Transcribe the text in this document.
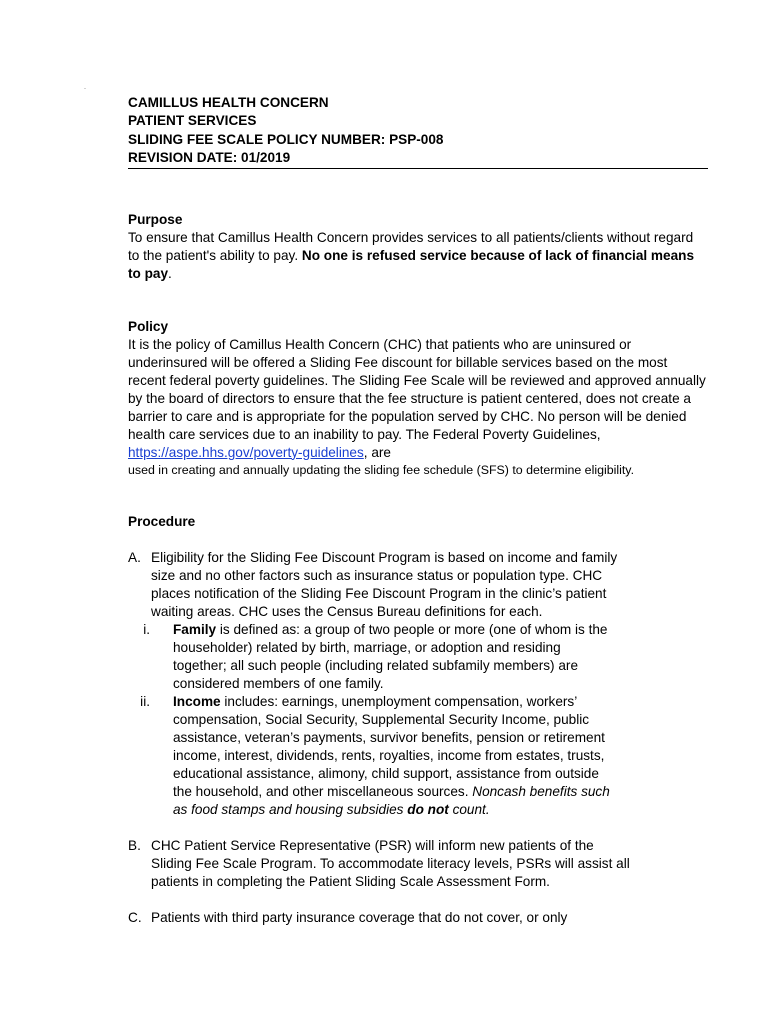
·
CAMILLUS HEALTH CONCERN
PATIENT SERVICES
SLIDING FEE SCALE POLICY NUMBER: PSP-008
REVISION DATE: 01/2019
Purpose

To ensure that Camillus Health Concern provides services to all patients/clients without regard to the patient's ability to pay. No one is refused service because of lack of financial means to pay.

Policy

It is the policy of Camillus Health Concern (CHC) that patients who are uninsured or underinsured will be offered a Sliding Fee discount for billable services based on the most recent federal poverty guidelines. The Sliding Fee Scale will be reviewed and approved annually by the board of directors to ensure that the fee structure is patient centered, does not create a barrier to care and is appropriate for the population served by CHC. No person will be denied health care services due to an inability to pay. The Federal Poverty Guidelines, https://aspe.hhs.gov/poverty-guidelines, are

used in creating and annually updating the sliding fee schedule (SFS) to determine eligibility.

Procedure
A. Eligibility for the Sliding Fee Discount Program is based on income and family size and no other factors such as insurance status or population type. CHC places notification of the Sliding Fee Discount Program in the clinic’s patient waiting areas. CHC uses the Census Bureau definitions for each.
i.	Family is defined as: a group of two people or more (one of whom is the householder) related by birth, marriage, or adoption and residing together; all such people (including related subfamily members) are considered members of one family.
ii.	Income includes: earnings, unemployment compensation, workers’ compensation, Social Security, Supplemental Security Income, public assistance, veteran’s payments, survivor benefits, pension or retirement income, interest, dividends, rents, royalties, income from estates, trusts, educational assistance, alimony, child support, assistance from outside the household, and other miscellaneous sources. Noncash benefits such as food stamps and housing subsidies do not count.
B. CHC Patient Service Representative (PSR) will inform new patients of the Sliding Fee Scale Program. To accommodate literacy levels, PSRs will assist all patients in completing the Patient Sliding Scale Assessment Form.
C. Patients with third party insurance coverage that do not cover, or only
